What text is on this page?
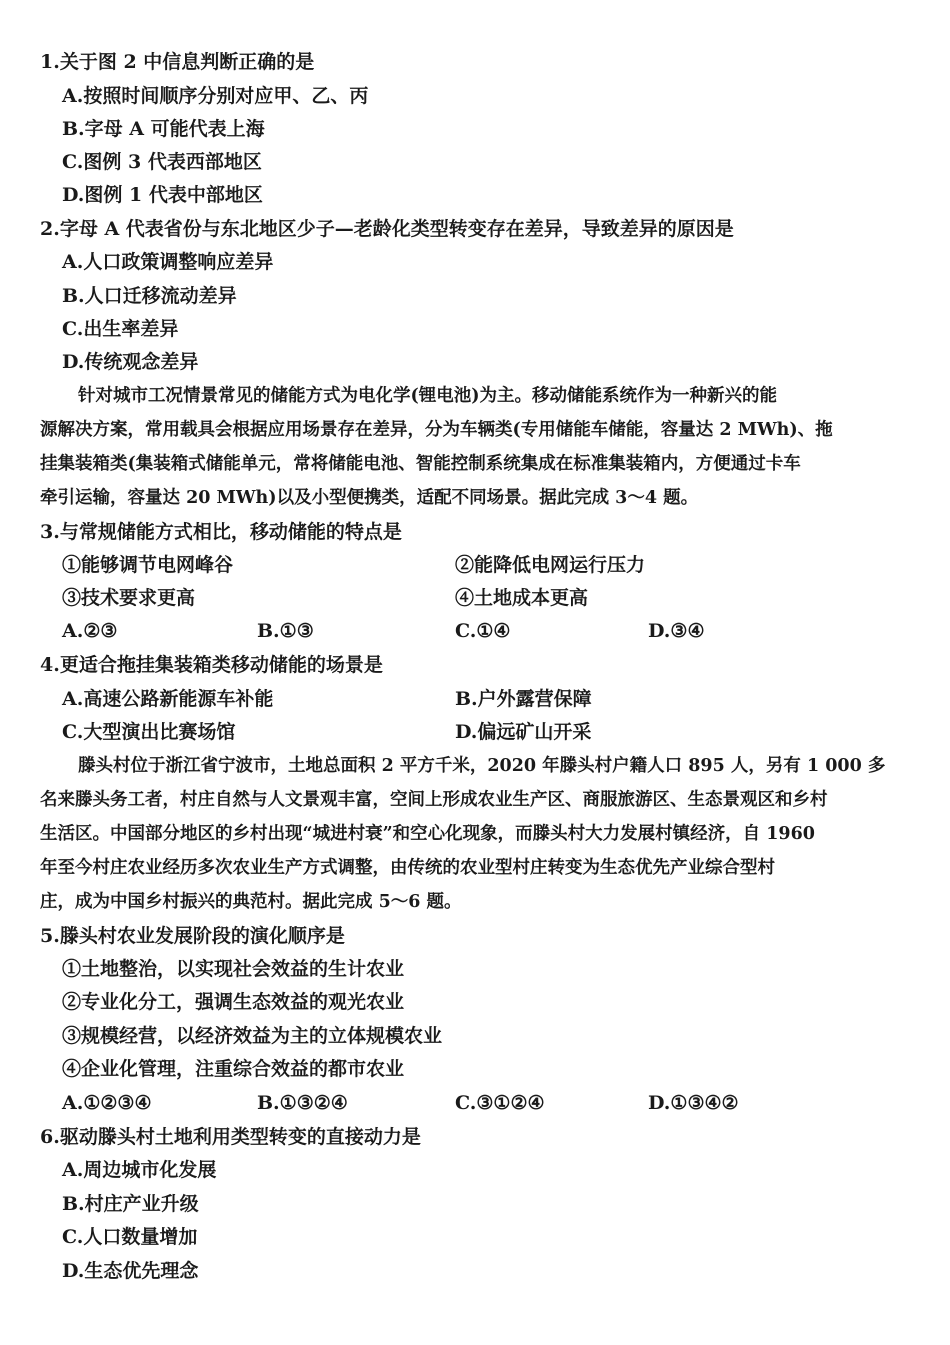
1.关于图 2 中信息判断正确的是
A.按照时间顺序分别对应甲、乙、丙
B.字母 A 可能代表上海
C.图例 3 代表西部地区
D.图例 1 代表中部地区
2.字母 A 代表省份与东北地区少子—老龄化类型转变存在差异，导致差异的原因是
A.人口政策调整响应差异
B.人口迁移流动差异
C.出生率差异
D.传统观念差异
针对城市工况情景常见的储能方式为电化学(锂电池)为主。移动储能系统作为一种新兴的能
源解决方案，常用载具会根据应用场景存在差异，分为车辆类(专用储能车储能，容量达 2 MWh)、拖
挂集装箱类(集装箱式储能单元，常将储能电池、智能控制系统集成在标准集装箱内，方便通过卡车
牵引运输，容量达 20 MWh)以及小型便携类，适配不同场景。据此完成 3～4 题。
3.与常规储能方式相比，移动储能的特点是
①能够调节电网峰谷	②能降低电网运行压力
③技术要求更高	④土地成本更高
A.②③	B.①③	C.①④	D.③④
4.更适合拖挂集装箱类移动储能的场景是
A.高速公路新能源车补能	B.户外露营保障
C.大型演出比赛场馆	D.偏远矿山开采
滕头村位于浙江省宁波市，土地总面积 2 平方千米，2020 年滕头村户籍人口 895 人，另有 1 000 多
名来滕头务工者，村庄自然与人文景观丰富，空间上形成农业生产区、商服旅游区、生态景观区和乡村
生活区。中国部分地区的乡村出现“城进村衰”和空心化现象，而滕头村大力发展村镇经济，自 1960
年至今村庄农业经历多次农业生产方式调整，由传统的农业型村庄转变为生态优先产业综合型村
庄，成为中国乡村振兴的典范村。据此完成 5～6 题。
5.滕头村农业发展阶段的演化顺序是
①土地整治，以实现社会效益的生计农业
②专业化分工，强调生态效益的观光农业
③规模经营，以经济效益为主的立体规模农业
④企业化管理，注重综合效益的都市农业
A.①②③④	B.①③②④	C.③①②④	D.①③④②
6.驱动滕头村土地利用类型转变的直接动力是
A.周边城市化发展
B.村庄产业升级
C.人口数量增加
D.生态优先理念
